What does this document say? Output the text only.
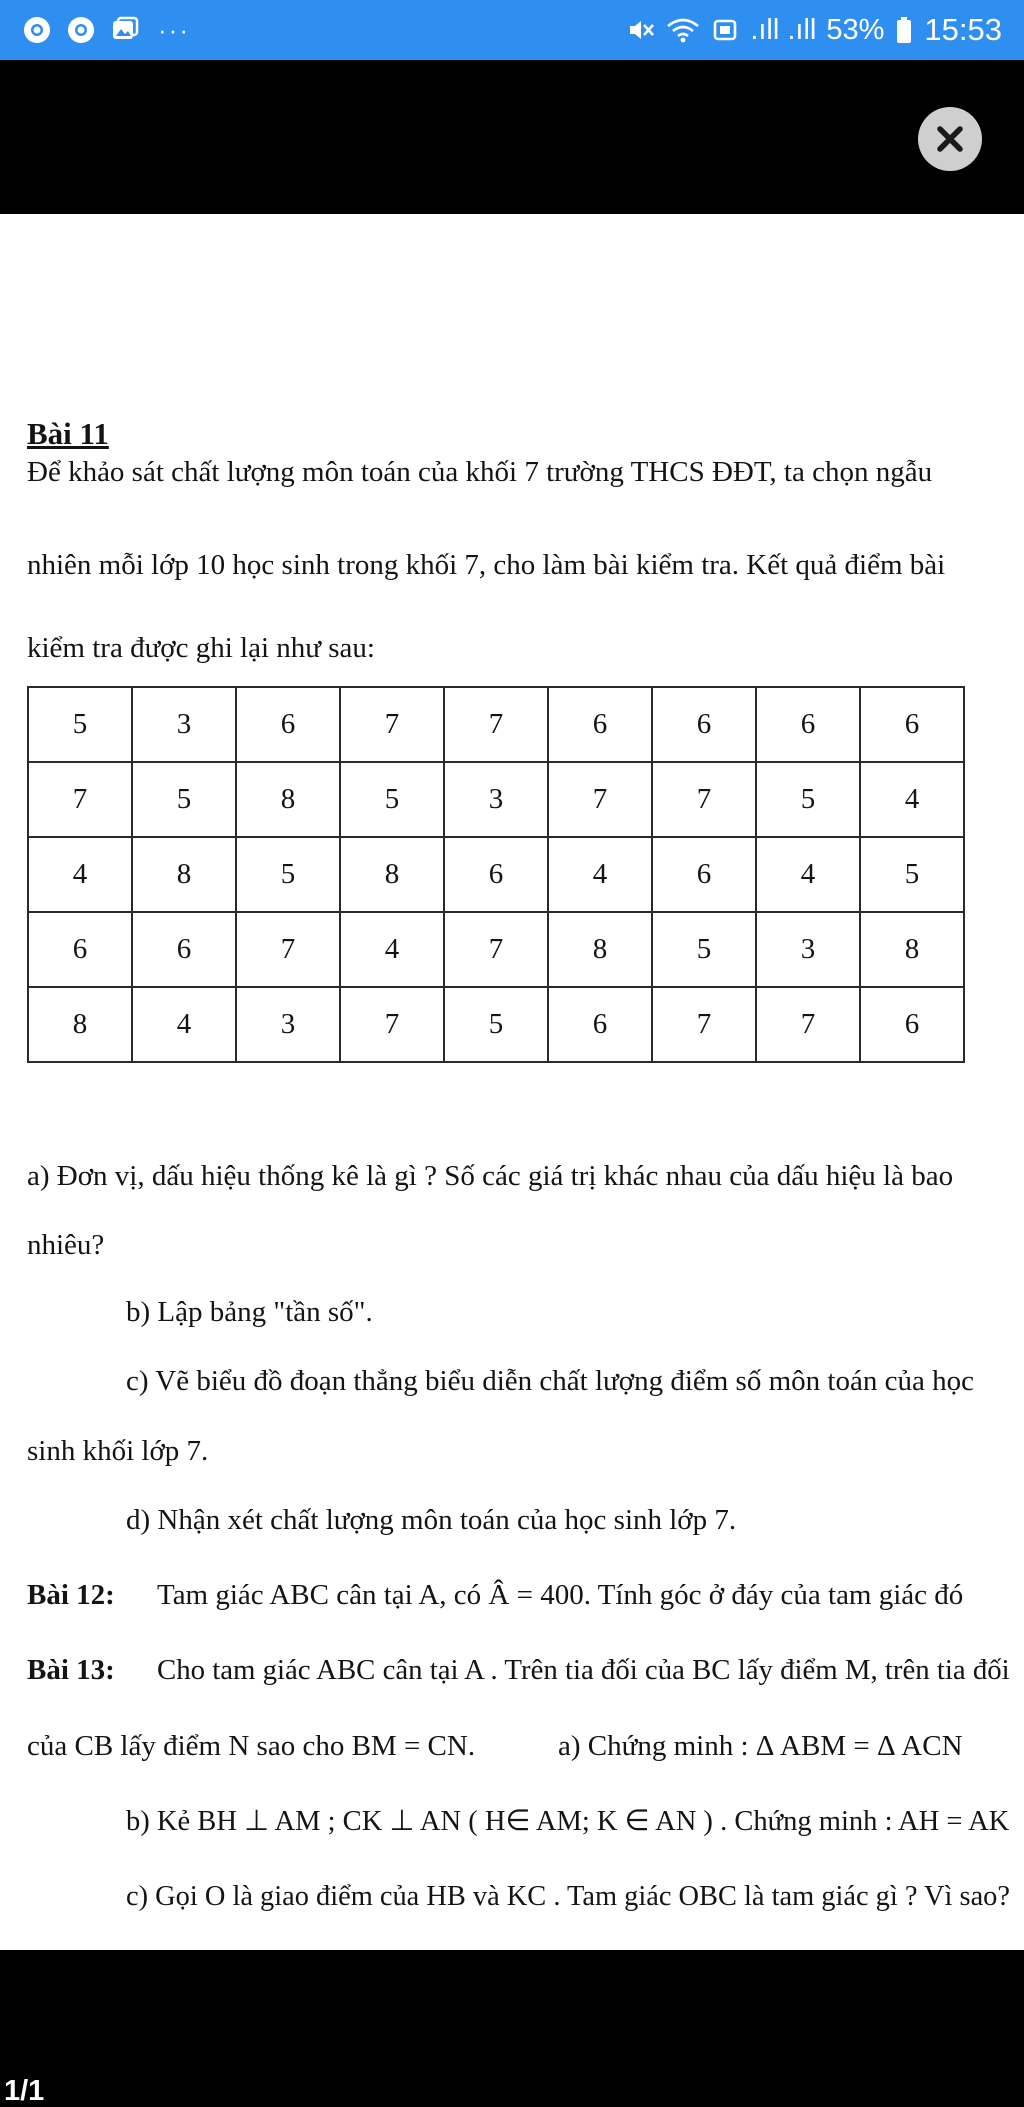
···	.ıll .ıll 53% 15:53
Bài 11
Để khảo sát chất lượng môn toán của khối 7 trường THCS ĐĐT, ta chọn ngẫu
nhiên mỗi lớp 10 học sinh trong khối 7, cho làm bài kiểm tra. Kết quả điểm bài
kiểm tra được ghi lại như sau:
5	3	6	7	7	6	6	6	6
7	5	8	5	3	7	7	5	4
4	8	5	8	6	4	6	4	5
6	6	7	4	7	8	5	3	8
8	4	3	7	5	6	7	7	6
a) Đơn vị, dấu hiệu thống kê là gì ? Số các giá trị khác nhau của dấu hiệu là bao
nhiêu?
b) Lập bảng "tần số".
c) Vẽ biểu đồ đoạn thẳng biểu diễn chất lượng điểm số môn toán của học
sinh khối lớp 7.
d) Nhận xét chất lượng môn toán của học sinh lớp 7.
Bài 12: Tam giác ABC cân tại A, có Â = 400. Tính góc ở đáy của tam giác đó
Bài 13: Cho tam giác ABC cân tại A . Trên tia đối của BC lấy điểm M, trên tia đối
của CB lấy điểm N sao cho BM = CN.	a) Chứng minh : Δ ABM = Δ ACN
b) Kẻ BH ⊥ AM ; CK ⊥ AN ( H∈ AM; K ∈ AN ) . Chứng minh : AH = AK
c) Gọi O là giao điểm của HB và KC . Tam giác OBC là tam giác gì ? Vì sao?
1/1
